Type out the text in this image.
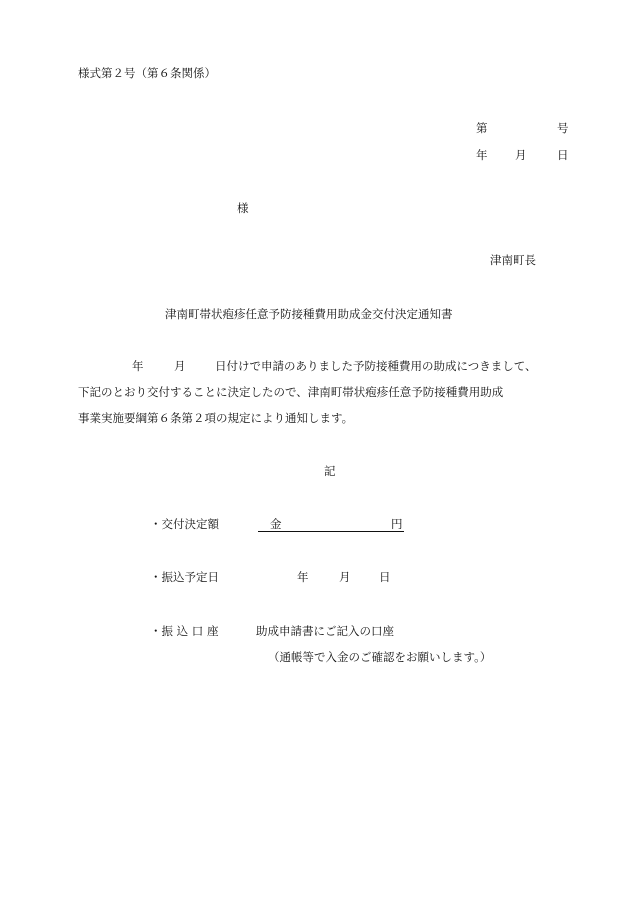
様式第２号（第６条関係）
第	号
年 月	日
様
津南町長
津南町帯状疱疹任意予防接種費用助成金交付決定通知書
年	月	日付けで申請のありました予防接種費用の助成につきまして、
下記のとおり交付することに決定したので、津南町帯状疱疹任意予防接種費用助成
事業実施要綱第６条第２項の規定により通知します。
記
・交付決定額	金	円
・振込予定日	年	月 日
・振 込 口 座	助成申請書にご記入の口座
（通帳等で入金のご確認をお願いします。）
